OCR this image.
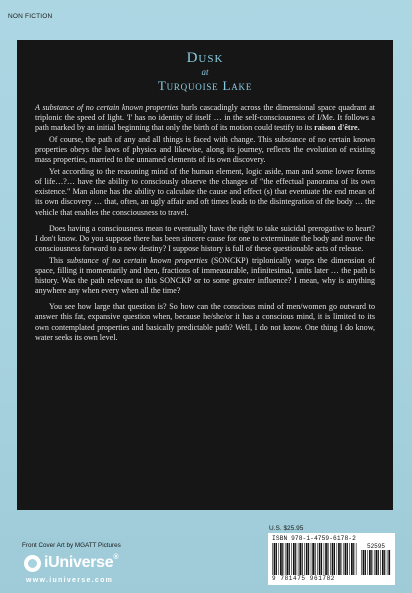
NON FICTION
Dusk
at
Turquoise Lake

A substance of no certain known properties hurls cascadingly across the dimensional space quadrant at triplonic the speed of light. 'I' has no identity of itself … in the self-consciousness of I/Me. It follows a path marked by an initial beginning that only the birth of its motion could testify to its raison d'être.

Of course, the path of any and all things is faced with change. This substance of no certain known properties obeys the laws of physics and likewise, along its journey, reflects the evolution of existing mass properties, married to the unnamed elements of its own discovery.

Yet according to the reasoning mind of the human element, logic aside, man and some lower forms of life…?… have the ability to consciously observe the changes of "the effectual panorama of its own existence." Man alone has the ability to calculate the cause and effect (s) that eventuate the end mean of its own discovery … that, often, an ugly affair and oft times leads to the disintegration of the body … the vehicle that enables the consciousness to travel.

Does having a consciousness mean to eventually have the right to take suicidal prerogative to heart? I don't know. Do you suppose there has been sincere cause for one to exterminate the body and move the consciousness forward to a new destiny? I suppose history is full of these questionable acts of release.

This substance of no certain known properties (SONCKP) triplonically warps the dimension of space, filling it momentarily and then, fractions of immeasurable, infinitesimal, units later … the path is history. Was the path relevant to this SONCKP or to some greater influence? I mean, why is anything anywhere any when every when all the time?

You see how large that question is? So how can the conscious mind of men/women go outward to answer this fat, expansive question when, because he/she/or it has a conscious mind, it is limited to its own contemplated properties and basically predictable path? Well, I do not know. One thing I do know, water seeks its own level.

Front Cover Art by MGATT Pictures
iUniverse®
www.iuniverse.com
U.S. $25.95
ISBN 978-1-4759-6178-2
52595
9 781475 961782
